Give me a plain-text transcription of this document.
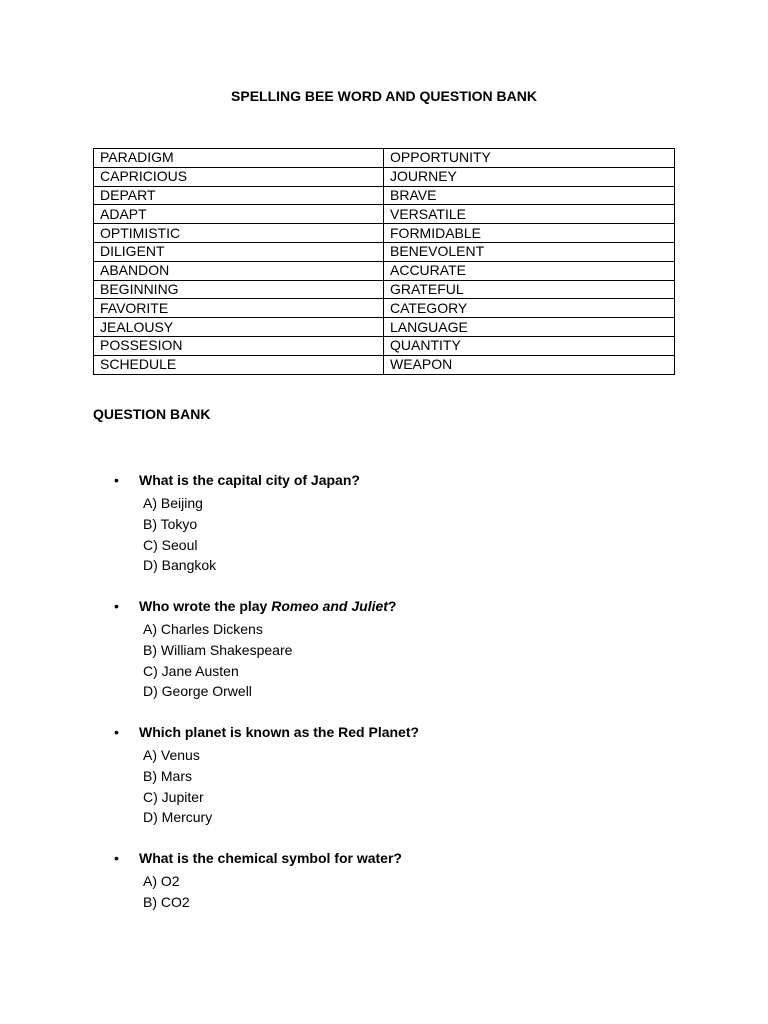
SPELLING BEE WORD AND QUESTION BANK
PARADIGM	OPPORTUNITY
CAPRICIOUS	JOURNEY
DEPART	BRAVE
ADAPT	VERSATILE
OPTIMISTIC	FORMIDABLE
DILIGENT	BENEVOLENT
ABANDON	ACCURATE
BEGINNING	GRATEFUL
FAVORITE	CATEGORY
JEALOUSY	LANGUAGE
POSSESION	QUANTITY
SCHEDULE	WEAPON
QUESTION BANK
• What is the capital city of Japan?
A) Beijing
B) Tokyo
C) Seoul
D) Bangkok
• Who wrote the play Romeo and Juliet?
A) Charles Dickens
B) William Shakespeare
C) Jane Austen
D) George Orwell
• Which planet is known as the Red Planet?
A) Venus
B) Mars
C) Jupiter
D) Mercury
• What is the chemical symbol for water?
A) O2
B) CO2
